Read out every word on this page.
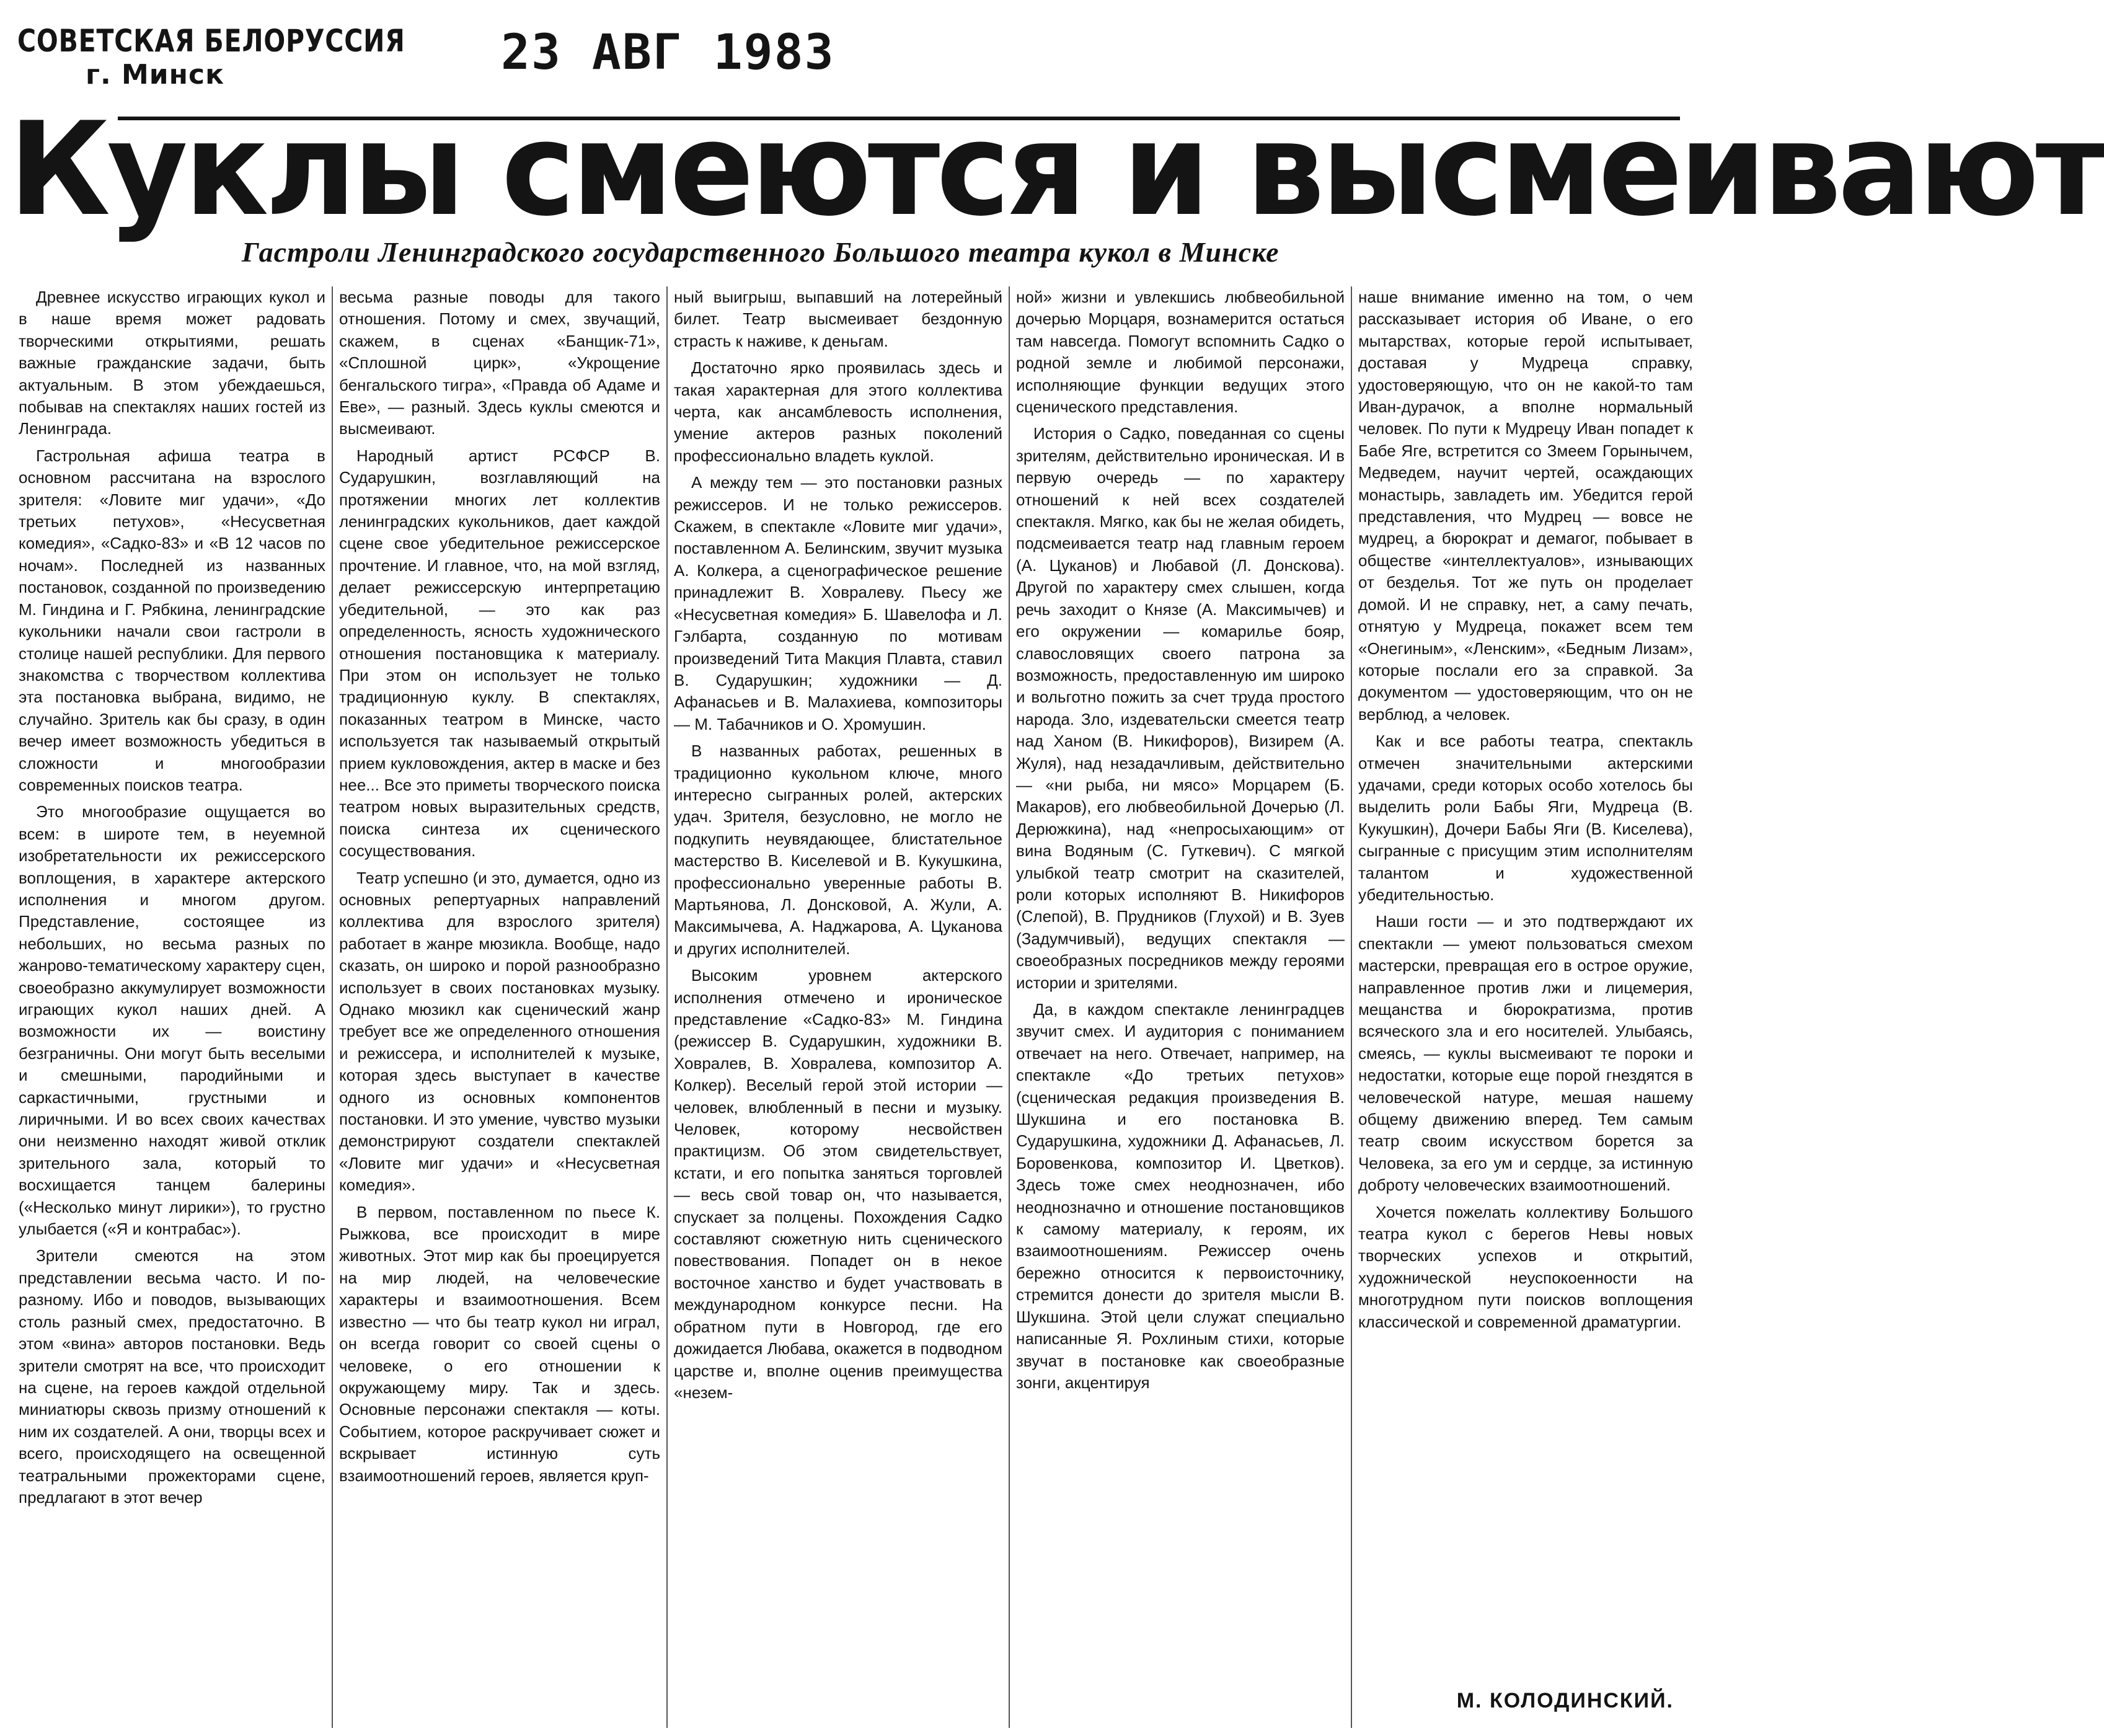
СОВЕТСКАЯ БЕЛОРУССИЯ
г. Минск	23 АВГ 1983
Куклы смеются и высмеивают
Гастроли Ленинградского государственного Большого театра кукол в Минске

Древнее искусство играющих кукол и в наше время может радовать творческими открытиями, решать важные гражданские задачи, быть актуальным. В этом убеждаешься, побывав на спектаклях наших гостей из Ленинграда.

Гастрольная афиша театра в основном рассчитана на взрослого зрителя: «Ловите миг удачи», «До третьих петухов», «Несусветная комедия», «Садко-83» и «В 12 часов по ночам». Последней из названных постановок, созданной по произведению М. Гиндина и Г. Рябкина, ленинградские кукольники начали свои гастроли в столице нашей республики. Для первого знакомства с творчеством коллектива эта постановка выбрана, видимо, не случайно. Зритель как бы сразу, в один вечер имеет возможность убедиться в сложности и многообразии современных поисков театра.

Это многообразие ощущается во всем: в широте тем, в неуемной изобретательности их режиссерского воплощения, в характере актерского исполнения и многом другом. Представление, состоящее из небольших, но весьма разных по жанрово-тематическому характеру сцен, своеобразно аккумулирует возможности играющих кукол наших дней. А возможности их — воистину безграничны. Они могут быть веселыми и смешными, пародийными и саркастичными, грустными и лиричными. И во всех своих качествах они неизменно находят живой отклик зрительного зала, который то восхищается танцем балерины («Несколько минут лирики»), то грустно улыбается («Я и контрабас»).

Зрители смеются на этом представлении весьма часто. И по-разному. Ибо и поводов, вызывающих столь разный смех, предостаточно. В этом «вина» авторов постановки. Ведь зрители смотрят на все, что происходит на сцене, на героев каждой отдельной миниатюры сквозь призму отношений к ним их создателей. А они, творцы всех и всего, происходящего на освещенной театральными прожекторами сцене, предлагают в этот вечер

весьма разные поводы для такого отношения. Потому и смех, звучащий, скажем, в сценах «Банщик-71», «Сплошной цирк», «Укрощение бенгальского тигра», «Правда об Адаме и Еве», — разный. Здесь куклы смеются и высмеивают.

Народный артист РСФСР В. Сударушкин, возглавляющий на протяжении многих лет коллектив ленинградских кукольников, дает каждой сцене свое убедительное режиссерское прочтение. И главное, что, на мой взгляд, делает режиссерскую интерпретацию убедительной, — это как раз определенность, ясность художнического отношения постановщика к материалу. При этом он использует не только традиционную куклу. В спектаклях, показанных театром в Минске, часто используется так называемый открытый прием кукловождения, актер в маске и без нее... Все это приметы творческого поиска театром новых выразительных средств, поиска синтеза их сценического сосуществования.

Театр успешно (и это, думается, одно из основных репертуарных направлений коллектива для взрослого зрителя) работает в жанре мюзикла. Вообще, надо сказать, он широко и порой разнообразно использует в своих постановках музыку. Однако мюзикл как сценический жанр требует все же определенного отношения и режиссера, и исполнителей к музыке, которая здесь выступает в качестве одного из основных компонентов постановки. И это умение, чувство музыки демонстрируют создатели спектаклей «Ловите миг удачи» и «Несусветная комедия».

В первом, поставленном по пьесе К. Рыжкова, все происходит в мире животных. Этот мир как бы проецируется на мир людей, на человеческие характеры и взаимоотношения. Всем известно — что бы театр кукол ни играл, он всегда говорит со своей сцены о человеке, о его отношении к окружающему миру. Так и здесь. Основные персонажи спектакля — коты. Событием, которое раскручивает сюжет и вскрывает истинную суть взаимоотношений героев, является круп-

ный выигрыш, выпавший на лотерейный билет. Театр высмеивает бездонную страсть к наживе, к деньгам.

Достаточно ярко проявилась здесь и такая характерная для этого коллектива черта, как ансамблевость исполнения, умение актеров разных поколений профессионально владеть куклой.

А между тем — это постановки разных режиссеров. И не только режиссеров. Скажем, в спектакле «Ловите миг удачи», поставленном А. Белинским, звучит музыка А. Колкера, а сценографическое решение принадлежит В. Ховралеву. Пьесу же «Несусветная комедия» Б. Шавелофа и Л. Гэлбарта, созданную по мотивам произведений Тита Макция Плавта, ставил В. Сударушкин; художники — Д. Афанасьев и В. Малахиева, композиторы — М. Табачников и О. Хромушин.

В названных работах, решенных в традиционно кукольном ключе, много интересно сыгранных ролей, актерских удач. Зрителя, безусловно, не могло не подкупить неувядающее, блистательное мастерство В. Киселевой и В. Кукушкина, профессионально уверенные работы В. Мартьянова, Л. Донсковой, А. Жули, А. Максимычева, А. Наджарова, А. Цуканова и других исполнителей.

Высоким уровнем актерского исполнения отмечено и ироническое представление «Садко-83» М. Гиндина (режиссер В. Сударушкин, художники В. Ховралев, В. Ховралева, композитор А. Колкер). Веселый герой этой истории — человек, влюбленный в песни и музыку. Человек, которому несвойствен практицизм. Об этом свидетельствует, кстати, и его попытка заняться торговлей — весь свой товар он, что называется, спускает за полцены. Похождения Садко составляют сюжетную нить сценического повествования. Попадет он в некое восточное ханство и будет участвовать в международном конкурсе песни. На обратном пути в Новгород, где его дожидается Любава, окажется в подводном царстве и, вполне оценив преимущества «незем-

ной» жизни и увлекшись любвеобильной дочерью Морцаря, вознамерится остаться там навсегда. Помогут вспомнить Садко о родной земле и любимой персонажи, исполняющие функции ведущих этого сценического представления.

История о Садко, поведанная со сцены зрителям, действительно ироническая. И в первую очередь — по характеру отношений к ней всех создателей спектакля. Мягко, как бы не желая обидеть, подсмеивается театр над главным героем (А. Цуканов) и Любавой (Л. Донскова). Другой по характеру смех слышен, когда речь заходит о Князе (А. Максимычев) и его окружении — комарилье бояр, славословящих своего патрона за возможность, предоставленную им широко и вольготно пожить за счет труда простого народа. Зло, издевательски смеется театр над Ханом (В. Никифоров), Визирем (А. Жуля), над незадачливым, действительно — «ни рыба, ни мясо» Морцарем (Б. Макаров), его любвеобильной Дочерью (Л. Дерюжкина), над «непросыхающим» от вина Водяным (С. Гуткевич). С мягкой улыбкой театр смотрит на сказителей, роли которых исполняют В. Никифоров (Слепой), В. Прудников (Глухой) и В. Зуев (Задумчивый), ведущих спектакля — своеобразных посредников между героями истории и зрителями.

Да, в каждом спектакле ленинградцев звучит смех. И аудитория с пониманием отвечает на него. Отвечает, например, на спектакле «До третьих петухов» (сценическая редакция произведения В. Шукшина и его постановка В. Сударушкина, художники Д. Афанасьев, Л. Боровенкова, композитор И. Цветков). Здесь тоже смех неоднозначен, ибо неоднозначно и отношение постановщиков к самому материалу, к героям, их взаимоотношениям. Режиссер очень бережно относится к первоисточнику, стремится донести до зрителя мысли В. Шукшина. Этой цели служат специально написанные Я. Рохлиным стихи, которые звучат в постановке как своеобразные зонги, акцентируя

наше внимание именно на том, о чем рассказывает история об Иване, о его мытарствах, которые герой испытывает, доставая у Мудреца справку, удостоверяющую, что он не какой-то там Иван-дурачок, а вполне нормальный человек. По пути к Мудрецу Иван попадет к Бабе Яге, встретится со Змеем Горынычем, Медведем, научит чертей, осаждающих монастырь, завладеть им. Убедится герой представления, что Мудрец — вовсе не мудрец, а бюрократ и демагог, побывает в обществе «интеллектуалов», изнывающих от безделья. Тот же путь он проделает домой. И не справку, нет, а саму печать, отнятую у Мудреца, покажет всем тем «Онегиным», «Ленским», «Бедным Лизам», которые послали его за справкой. За документом — удостоверяющим, что он не верблюд, а человек.

Как и все работы театра, спектакль отмечен значительными актерскими удачами, среди которых особо хотелось бы выделить роли Бабы Яги, Мудреца (В. Кукушкин), Дочери Бабы Яги (В. Киселева), сыгранные с присущим этим исполнителям талантом и художественной убедительностью.

Наши гости — и это подтверждают их спектакли — умеют пользоваться смехом мастерски, превращая его в острое оружие, направленное против лжи и лицемерия, мещанства и бюрократизма, против всяческого зла и его носителей. Улыбаясь, смеясь, — куклы высмеивают те пороки и недостатки, которые еще порой гнездятся в человеческой натуре, мешая нашему общему движению вперед. Тем самым театр своим искусством борется за Человека, за его ум и сердце, за истинную доброту человеческих взаимоотношений.

Хочется пожелать коллективу Большого театра кукол с берегов Невы новых творческих успехов и открытий, художнической неуспокоенности на многотрудном пути поисков воплощения классической и современной драматургии.

М. КОЛОДИНСКИЙ.
